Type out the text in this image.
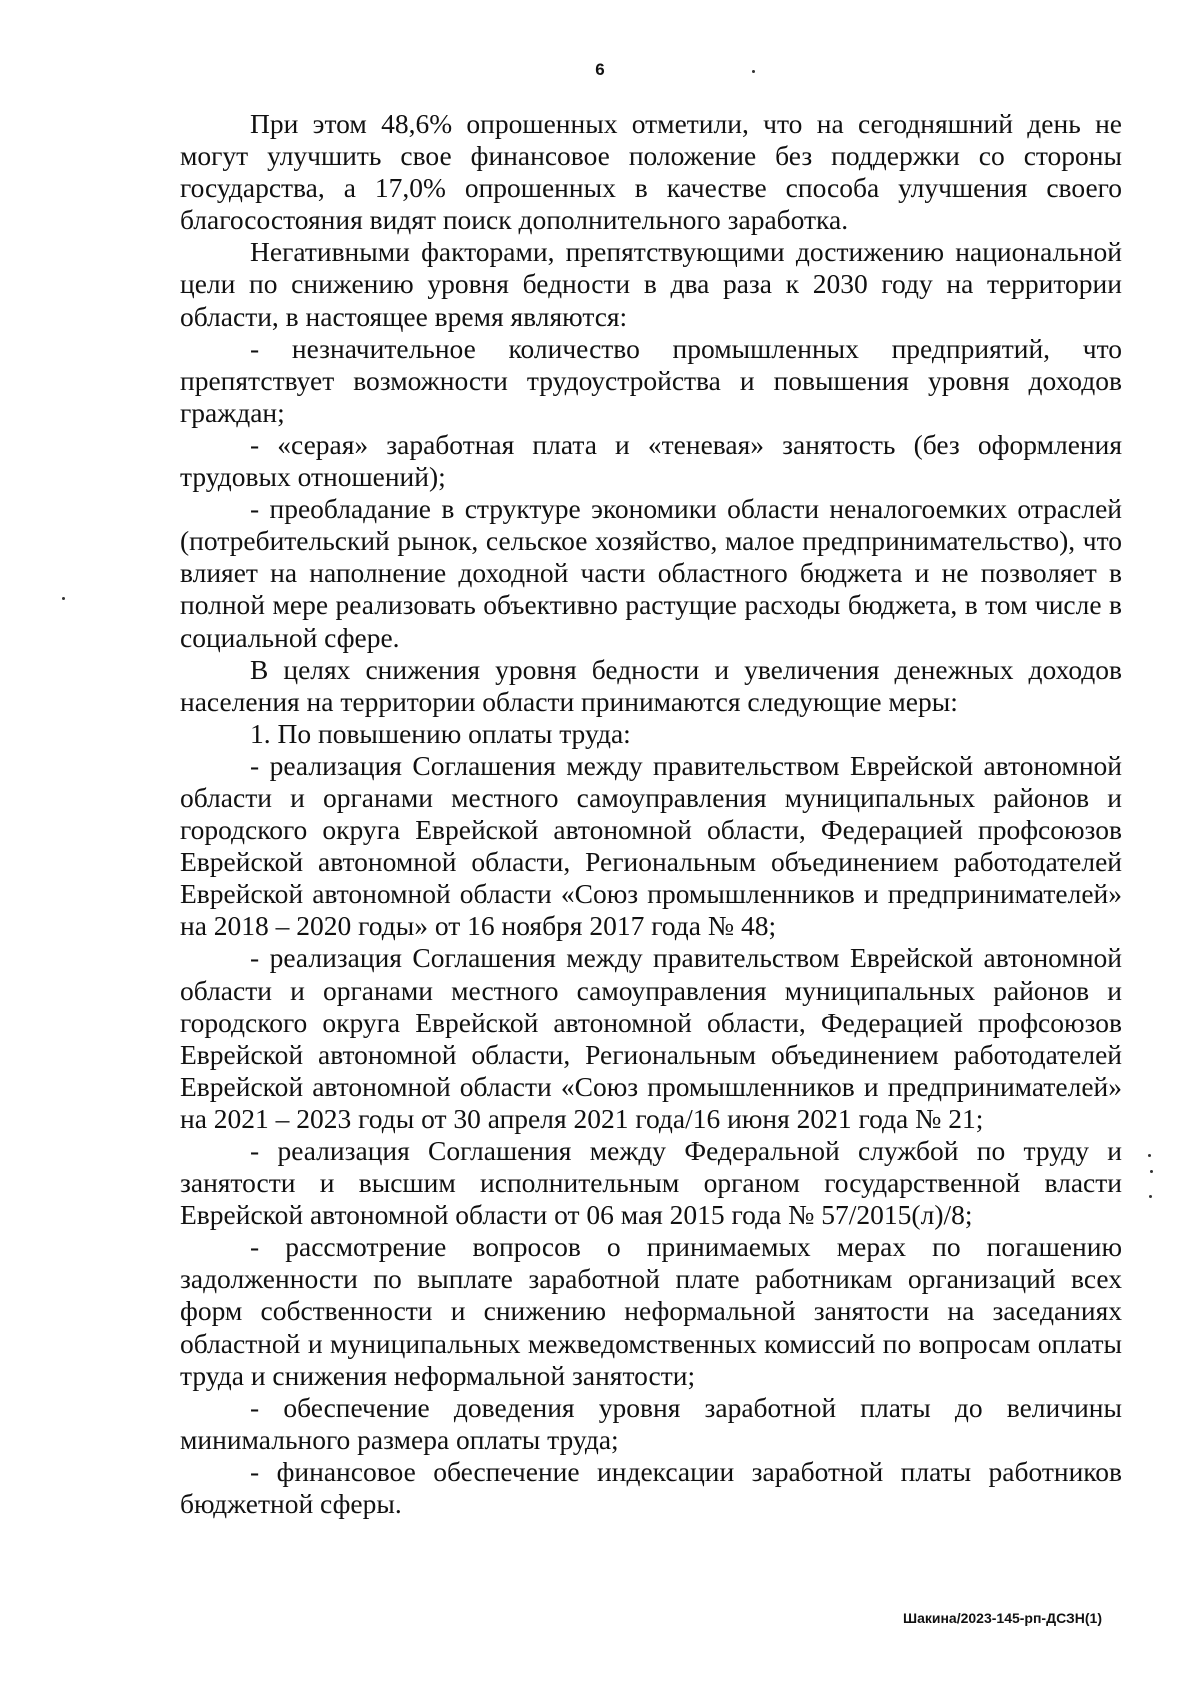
6

При этом 48,6% опрошенных отметили, что на сегодняшний день не могут улучшить свое финансовое положение без поддержки со стороны государства, а 17,0% опрошенных в качестве способа улучшения своего благосостояния видят поиск дополнительного заработка.

Негативными факторами, препятствующими достижению национальной цели по снижению уровня бедности в два раза к 2030 году на территории области, в настоящее время являются:

- незначительное количество промышленных предприятий, что препятствует возможности трудоустройства и повышения уровня доходов граждан;

- «серая» заработная плата и «теневая» занятость (без оформления трудовых отношений);

- преобладание в структуре экономики области неналогоемких отраслей (потребительский рынок, сельское хозяйство, малое предпринимательство), что влияет на наполнение доходной части областного бюджета и не позволяет в полной мере реализовать объективно растущие расходы бюджета, в том числе в социальной сфере.

В целях снижения уровня бедности и увеличения денежных доходов населения на территории области принимаются следующие меры:

1. По повышению оплаты труда:

- реализация Соглашения между правительством Еврейской автономной области и органами местного самоуправления муниципальных районов и городского округа Еврейской автономной области, Федерацией профсоюзов Еврейской автономной области, Региональным объединением работодателей Еврейской автономной области «Союз промышленников и предпринимателей» на 2018 – 2020 годы» от 16 ноября 2017 года № 48;

- реализация Соглашения между правительством Еврейской автономной области и органами местного самоуправления муниципальных районов и городского округа Еврейской автономной области, Федерацией профсоюзов Еврейской автономной области, Региональным объединением работодателей Еврейской автономной области «Союз промышленников и предпринимателей» на 2021 – 2023 годы от 30 апреля 2021 года/16 июня 2021 года № 21;

- реализация Соглашения между Федеральной службой по труду и занятости и высшим исполнительным органом государственной власти Еврейской автономной области от 06 мая 2015 года № 57/2015(л)/8;

- рассмотрение вопросов о принимаемых мерах по погашению задолженности по выплате заработной плате работникам организаций всех форм собственности и снижению неформальной занятости на заседаниях областной и муниципальных межведомственных комиссий по вопросам оплаты труда и снижения неформальной занятости;

- обеспечение доведения уровня заработной платы до величины минимального размера оплаты труда;

- финансовое обеспечение индексации заработной платы работников бюджетной сферы.

Шакина/2023-145-рп-ДСЗН(1)
